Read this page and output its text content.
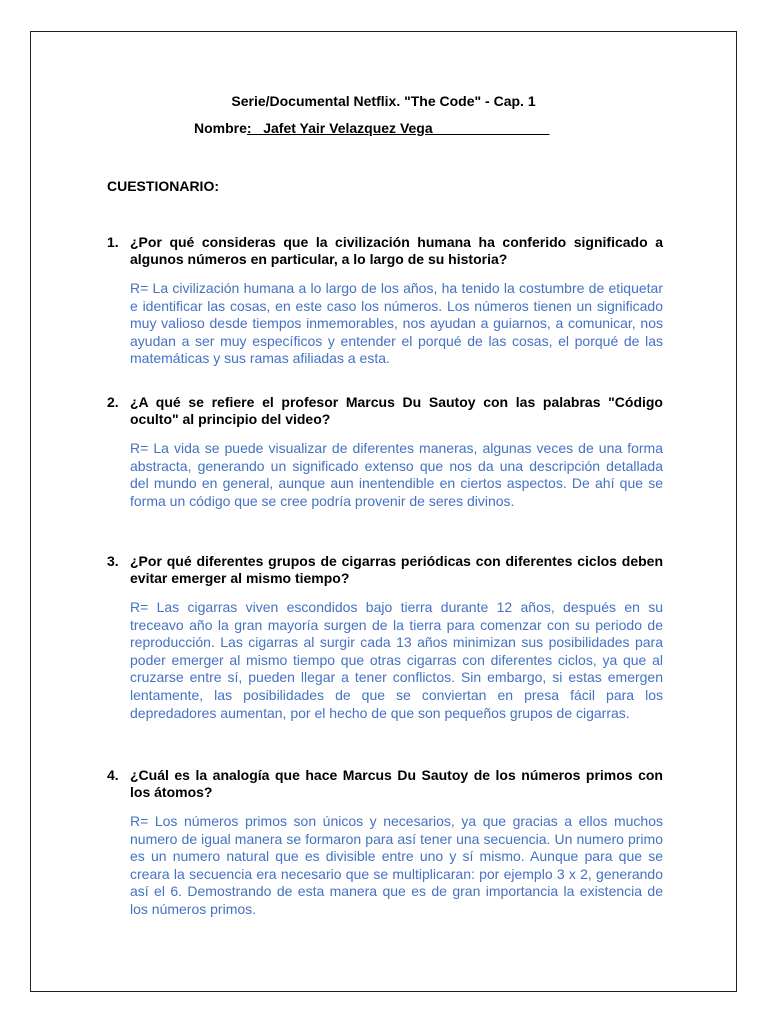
Serie/Documental Netflix. "The Code" - Cap. 1
Nombre:   Jafet Yair Velazquez Vega      ____________
CUESTIONARIO:
1. ¿Por qué consideras que la civilización humana ha conferido significado a algunos números en particular, a lo largo de su historia?
R= La civilización humana a lo largo de los años, ha tenido la costumbre de etiquetar e identificar las cosas, en este caso los números. Los números tienen un significado muy valioso desde tiempos inmemorables, nos ayudan a guiarnos, a comunicar, nos ayudan a ser muy específicos y entender el porqué de las cosas, el porqué de las matemáticas y sus ramas afiliadas a esta.
2. ¿A qué se refiere el profesor Marcus Du Sautoy con las palabras "Código oculto" al principio del video?
R= La vida se puede visualizar de diferentes maneras, algunas veces de una forma abstracta, generando un significado extenso que nos da una descripción detallada del mundo en general, aunque aun inentendible en ciertos aspectos. De ahí que se forma un código que se cree podría provenir de seres divinos.
3. ¿Por qué diferentes grupos de cigarras periódicas con diferentes ciclos deben evitar emerger al mismo tiempo?
R= Las cigarras viven escondidos bajo tierra durante 12 años, después en su treceavo año la gran mayoría surgen de la tierra para comenzar con su periodo de reproducción. Las cigarras al surgir cada 13 años minimizan sus posibilidades para poder emerger al mismo tiempo que otras cigarras con diferentes ciclos, ya que al cruzarse entre sí, pueden llegar a tener conflictos. Sin embargo, si estas emergen lentamente, las posibilidades de que se conviertan en presa fácil para los depredadores aumentan, por el hecho de que son pequeños grupos de cigarras.
4. ¿Cuál es la analogía que hace Marcus Du Sautoy de los números primos con los átomos?
R= Los números primos son únicos y necesarios, ya que gracias a ellos muchos numero de igual manera se formaron para así tener una secuencia. Un numero primo es un numero natural que es divisible entre uno y sí mismo. Aunque para que se creara la secuencia era necesario que se multiplicaran: por ejemplo 3 x 2, generando así el 6. Demostrando de esta manera que es de gran importancia la existencia de los números primos.
